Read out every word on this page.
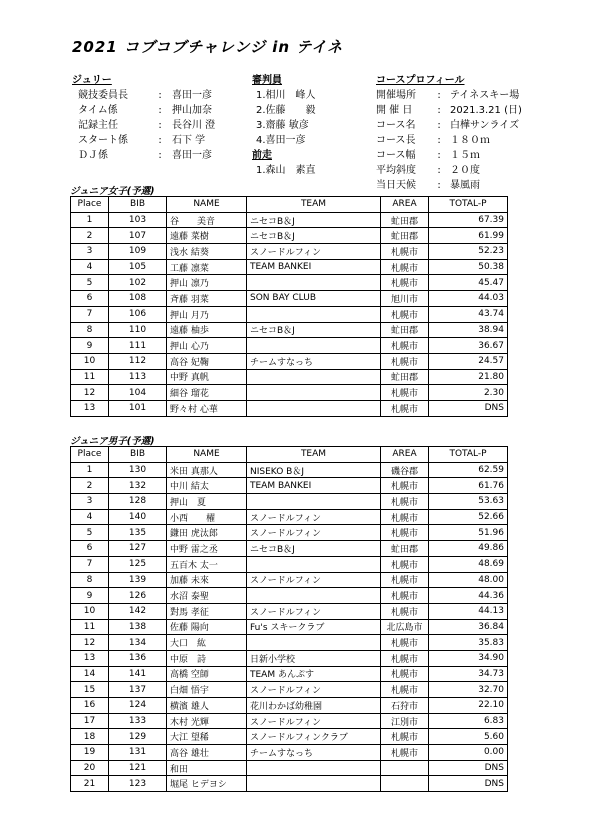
2021 コブコブチャレンジ in テイネ
ジュリー
競技委員長	:	喜田一彦
タイム係	:	押山加奈
記録主任	:	長谷川 澄
スタート係	:	石下 学
ＤＪ係	:	喜田一彦
審判員
1.相川　峰人
2.佐藤　　毅
3.齋藤 敏彦
4.喜田一彦
前走
1.森山　素直
コースプロフィール
開催場所	: テイネスキー場
開 催 日	: 2021.3.21 (日)
コース名	: 白樺サンライズ
コース長	: １８０ｍ
コース幅	: １５ｍ
平均斜度	: ２０度
当日天候	: 暴風雨
ジュニア女子(予選)
Place	BIB	NAME	TEAM	AREA	TOTAL-P
1	103	谷　　美音	ニセコB＆J	虻田郡	67.39
2	107	遠藤 菜樹	ニセコB＆J	虻田郡	61.99
3	109	浅水 結葵	スノードルフィン	札幌市	52.23
4	105	工藤 凛菜	TEAM BANKEI	札幌市	50.38
5	102	押山 凛乃		札幌市	45.47
6	108	斉藤 羽菜	SON BAY CLUB	旭川市	44.03
7	106	押山 月乃		札幌市	43.74
8	110	遠藤 柚歩	ニセコB＆J	虻田郡	38.94
9	111	押山 心乃		札幌市	36.67
10	112	高谷 妃鞠	チームすなっち	札幌市	24.57
11	113	中野 真帆		虻田郡	21.80
12	104	細谷 瑠花		札幌市	2.30
13	101	野々村 心華		札幌市	DNS
ジュニア男子(予選)
Place	BIB	NAME	TEAM	AREA	TOTAL-P
1	130	米田 真那人	NISEKO B＆J	磯谷郡	62.59
2	132	中川 結太	TEAM BANKEI	札幌市	61.76
3	128	押山　夏		札幌市	53.63
4	140	小西　　櫂	スノードルフィン	札幌市	52.66
5	135	鎌田 虎汰郎	スノードルフィン	札幌市	51.96
6	127	中野 雷之丞	ニセコB＆J	虻田郡	49.86
7	125	五百木 太一		札幌市	48.69
8	139	加藤 未來	スノードルフィン	札幌市	48.00
9	126	水沼 泰聖		札幌市	44.36
10	142	對馬 孝征	スノードルフィン	札幌市	44.13
11	138	佐藤 陽向	Fu's スキークラブ	北広島市	36.84
12	134	大口　紘		札幌市	35.83
13	136	中原　詩	日新小学校	札幌市	34.90
14	141	高橋 空師	TEAM あんぷす	札幌市	34.73
15	137	白畑 悟宇	スノードルフィン	札幌市	32.70
16	124	横濱 雄人	花川わかば幼稚園	石狩市	22.10
17	133	木村 光輝	スノードルフィン	江別市	6.83
18	129	大江 望稀	スノードルフィンクラブ	札幌市	5.60
19	131	高谷 雄壮	チームすなっち	札幌市	0.00
20	121	和田			DNS
21	123	堀尾 ヒデヨシ			DNS
